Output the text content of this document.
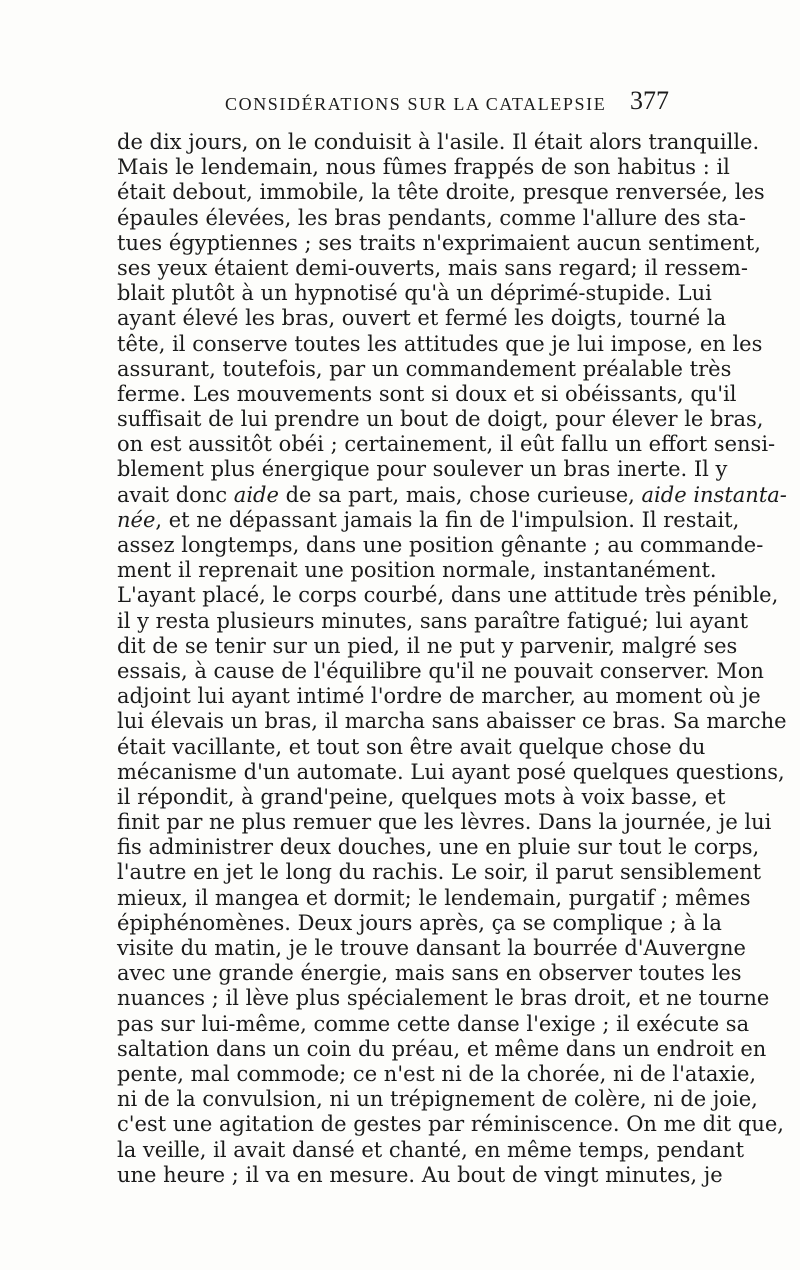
CONSIDÉRATIONS SUR LA CATALEPSIE 377
de dix jours, on le conduisit à l'asile. Il était alors tranquille.
Mais le lendemain, nous fûmes frappés de son habitus : il
était debout, immobile, la tête droite, presque renversée, les
épaules élevées, les bras pendants, comme l'allure des sta-
tues égyptiennes ; ses traits n'exprimaient aucun sentiment,
ses yeux étaient demi-ouverts, mais sans regard; il ressem-
blait plutôt à un hypnotisé qu'à un déprimé-stupide. Lui
ayant élevé les bras, ouvert et fermé les doigts, tourné la
tête, il conserve toutes les attitudes que je lui impose, en les
assurant, toutefois, par un commandement préalable très
ferme. Les mouvements sont si doux et si obéissants, qu'il
suffisait de lui prendre un bout de doigt, pour élever le bras,
on est aussitôt obéi ; certainement, il eût fallu un effort sensi-
blement plus énergique pour soulever un bras inerte. Il y
avait donc aide de sa part, mais, chose curieuse, aide instanta-
née, et ne dépassant jamais la fin de l'impulsion. Il restait,
assez longtemps, dans une position gênante ; au commande-
ment il reprenait une position normale, instantanément.
L'ayant placé, le corps courbé, dans une attitude très pénible,
il y resta plusieurs minutes, sans paraître fatigué; lui ayant
dit de se tenir sur un pied, il ne put y parvenir, malgré ses
essais, à cause de l'équilibre qu'il ne pouvait conserver. Mon
adjoint lui ayant intimé l'ordre de marcher, au moment où je
lui élevais un bras, il marcha sans abaisser ce bras. Sa marche
était vacillante, et tout son être avait quelque chose du
mécanisme d'un automate. Lui ayant posé quelques questions,
il répondit, à grand'peine, quelques mots à voix basse, et
finit par ne plus remuer que les lèvres. Dans la journée, je lui
fis administrer deux douches, une en pluie sur tout le corps,
l'autre en jet le long du rachis. Le soir, il parut sensiblement
mieux, il mangea et dormit; le lendemain, purgatif ; mêmes
épiphénomènes. Deux jours après, ça se complique ; à la
visite du matin, je le trouve dansant la bourrée d'Auvergne
avec une grande énergie, mais sans en observer toutes les
nuances ; il lève plus spécialement le bras droit, et ne tourne
pas sur lui-même, comme cette danse l'exige ; il exécute sa
saltation dans un coin du préau, et même dans un endroit en
pente, mal commode; ce n'est ni de la chorée, ni de l'ataxie,
ni de la convulsion, ni un trépignement de colère, ni de joie,
c'est une agitation de gestes par réminiscence. On me dit que,
la veille, il avait dansé et chanté, en même temps, pendant
une heure ; il va en mesure. Au bout de vingt minutes, je
